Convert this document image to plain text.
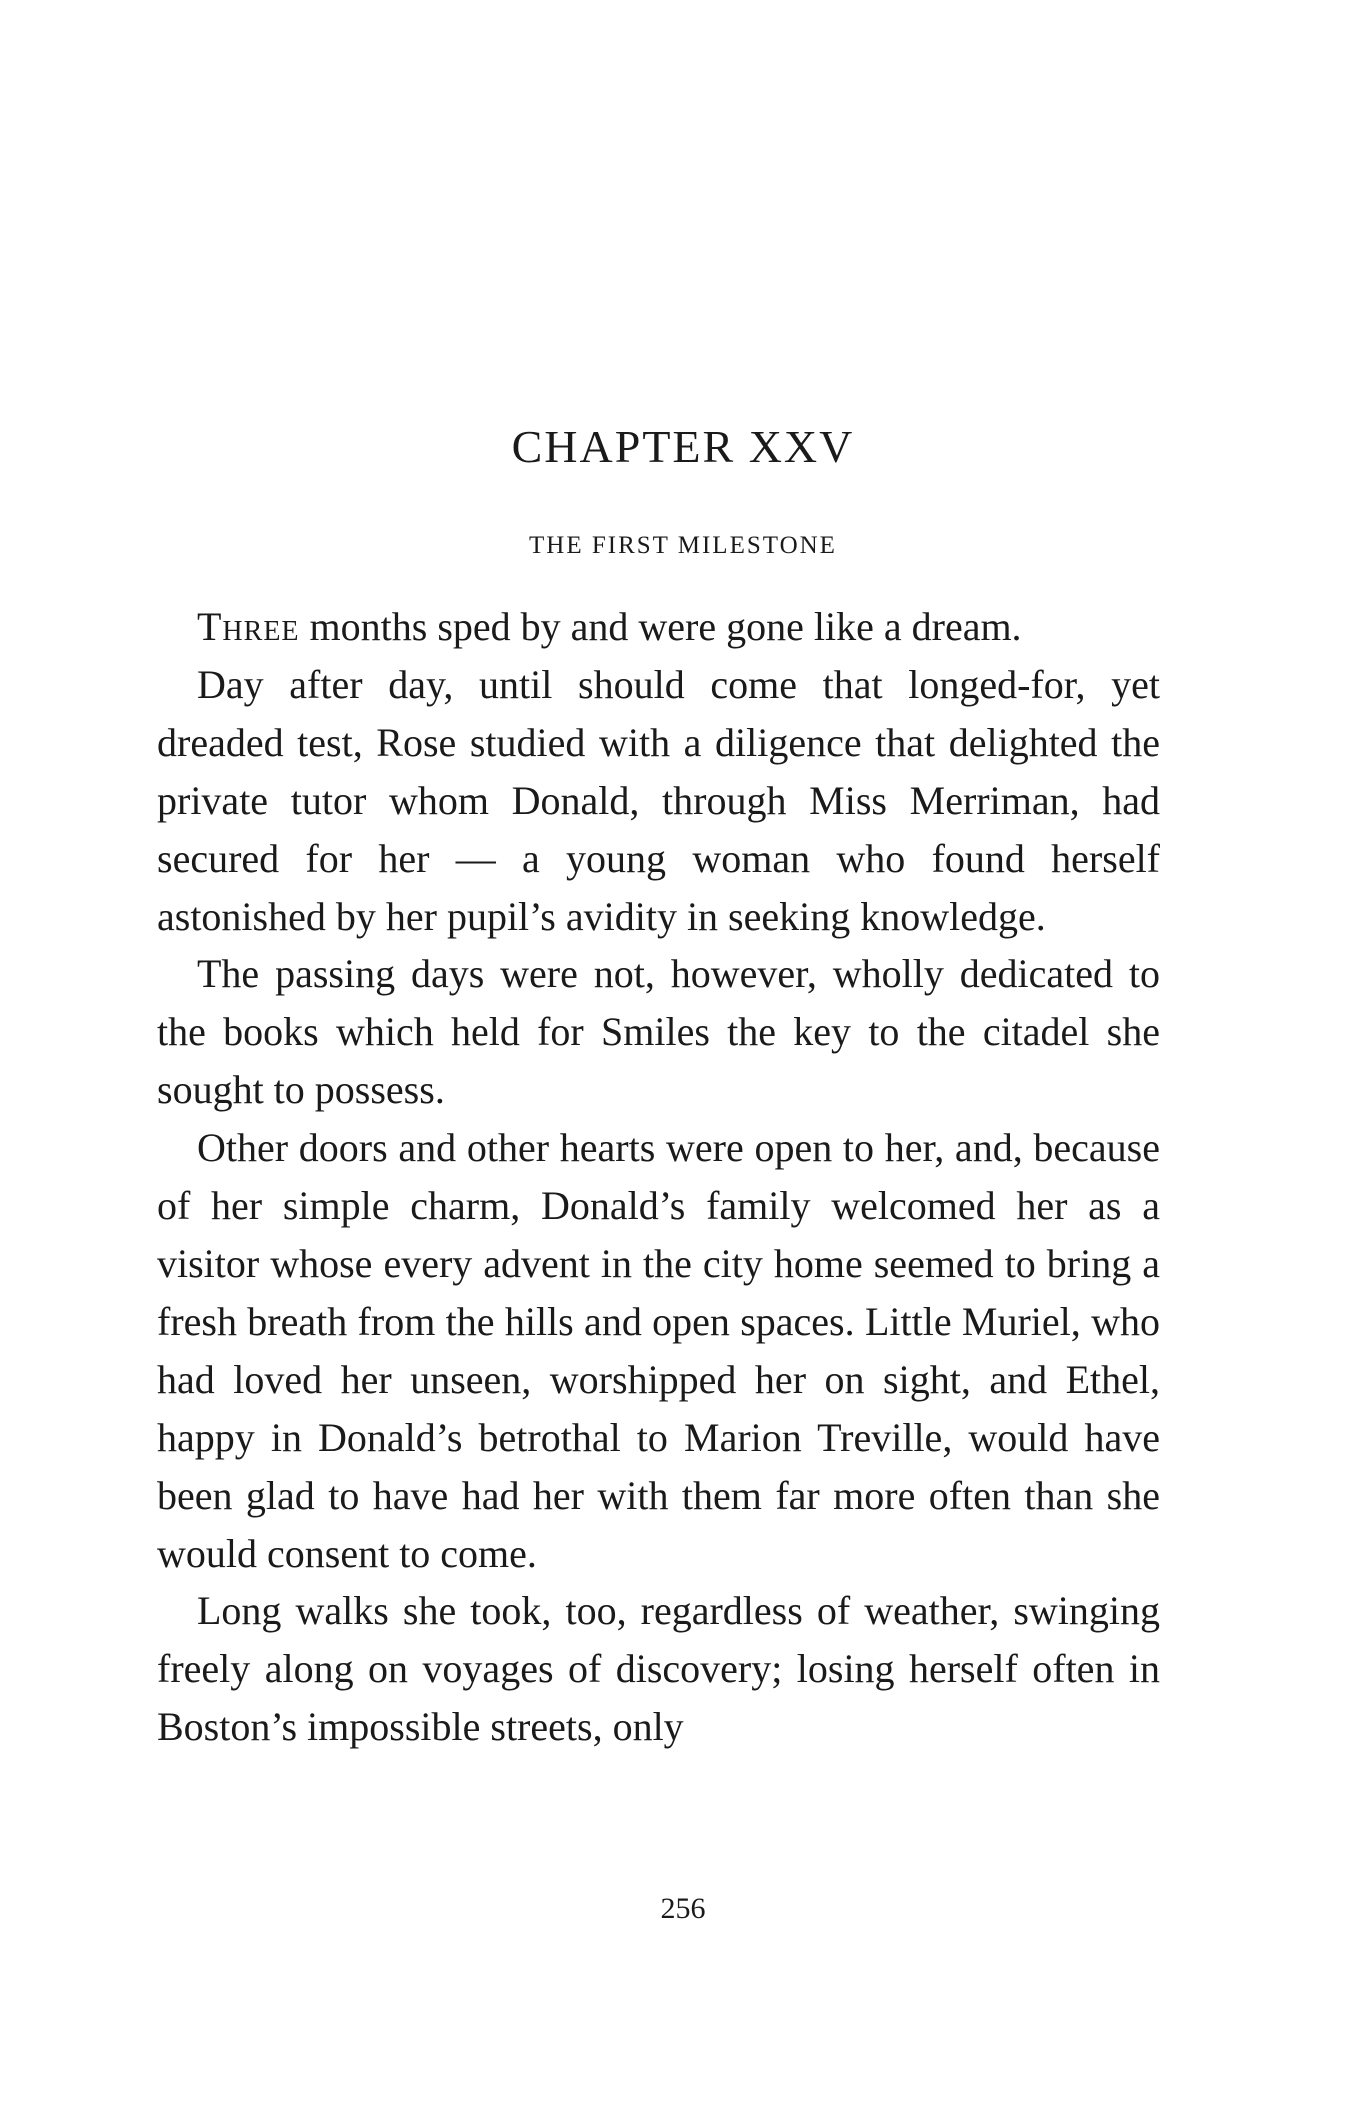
CHAPTER XXV
THE FIRST MILESTONE

Three months sped by and were gone like a dream.

Day after day, until should come that longed-for, yet dreaded test, Rose studied with a diligence that delighted the private tutor whom Donald, through Miss Merriman, had secured for her — a young woman who found herself astonished by her pupil’s avidity in seeking knowledge.

The passing days were not, however, wholly dedicated to the books which held for Smiles the key to the citadel she sought to possess.

Other doors and other hearts were open to her, and, because of her simple charm, Donald’s family welcomed her as a visitor whose every advent in the city home seemed to bring a fresh breath from the hills and open spaces. Little Muriel, who had loved her unseen, worshipped her on sight, and Ethel, happy in Donald’s betrothal to Marion Treville, would have been glad to have had her with them far more often than she would consent to come.

Long walks she took, too, regardless of weather, swinging freely along on voyages of discovery; losing herself often in Boston’s impossible streets, only

256
